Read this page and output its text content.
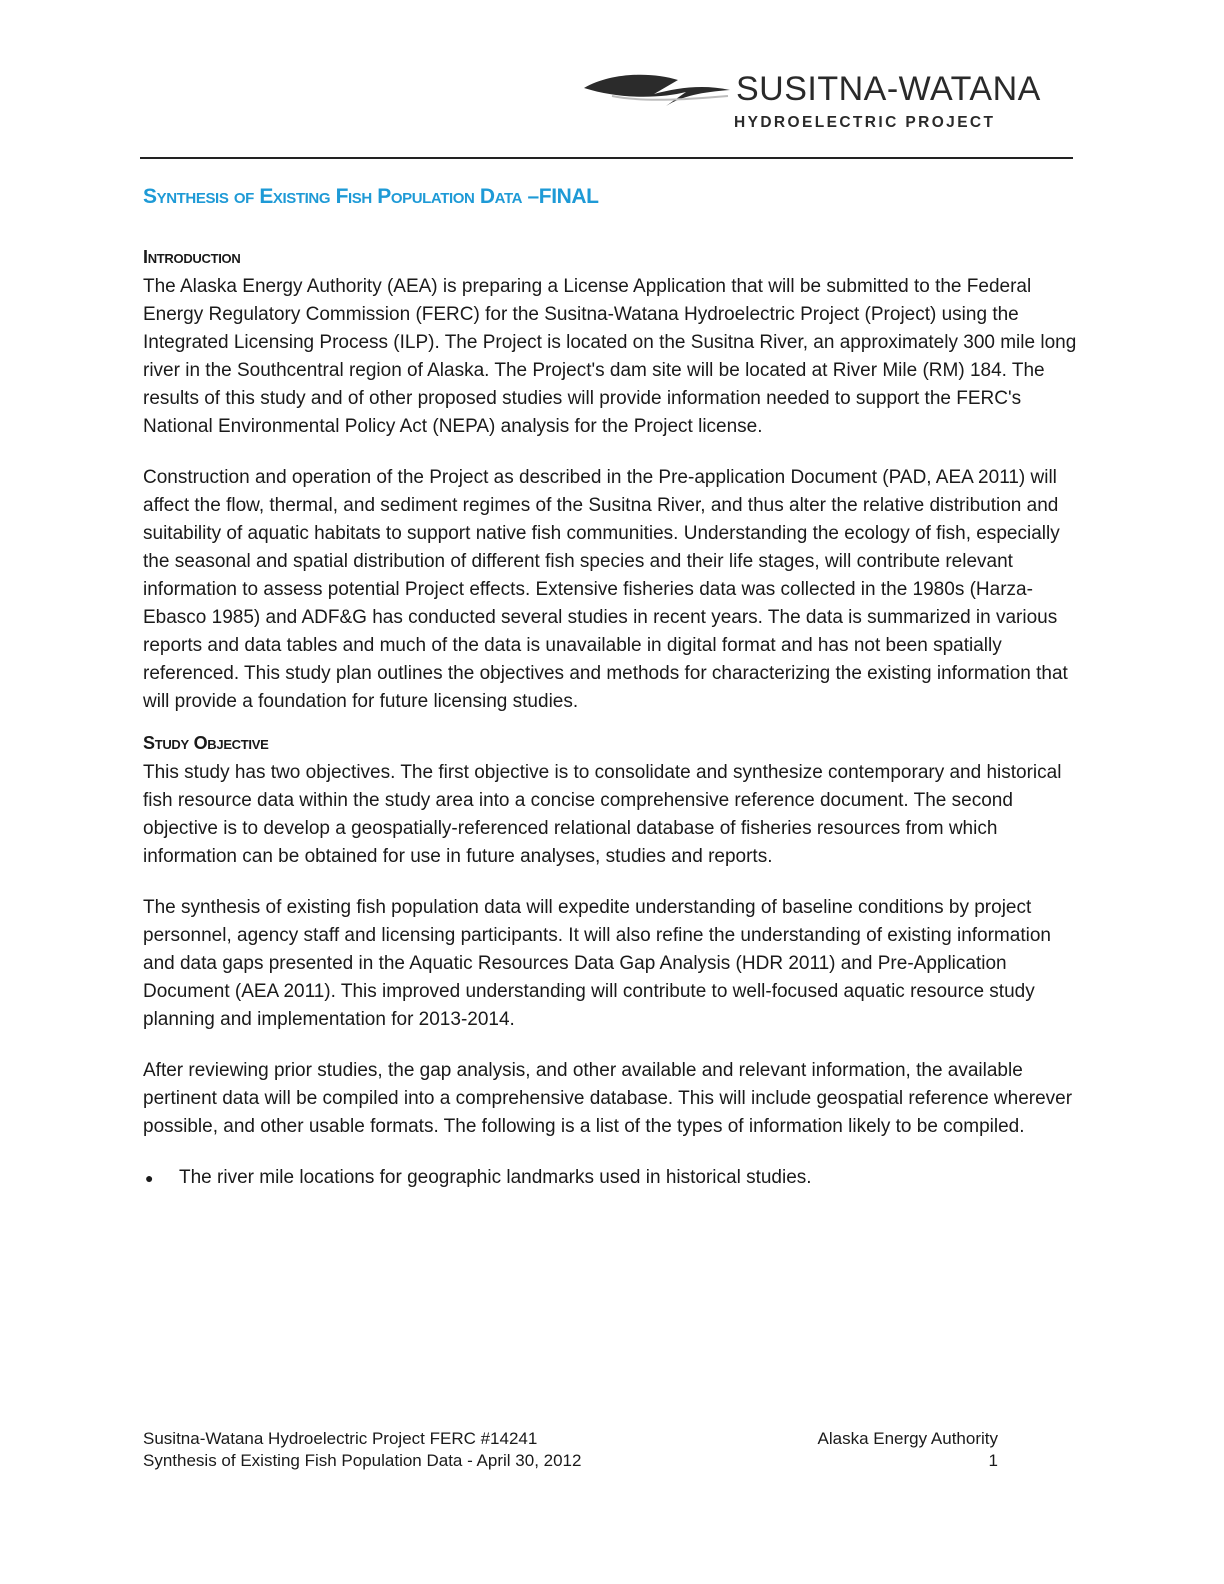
SUSITNA-WATANA
HYDROELECTRIC PROJECT
Synthesis of Existing Fish Population Data –FINAL
Introduction

The Alaska Energy Authority (AEA) is preparing a License Application that will be submitted to the Federal Energy Regulatory Commission (FERC) for the Susitna-Watana Hydroelectric Project (Project) using the Integrated Licensing Process (ILP). The Project is located on the Susitna River, an approximately 300 mile long river in the Southcentral region of Alaska. The Project's dam site will be located at River Mile (RM) 184. The results of this study and of other proposed studies will provide information needed to support the FERC's National Environmental Policy Act (NEPA) analysis for the Project license.

Construction and operation of the Project as described in the Pre-application Document (PAD, AEA 2011) will affect the flow, thermal, and sediment regimes of the Susitna River, and thus alter the relative distribution and suitability of aquatic habitats to support native fish communities. Understanding the ecology of fish, especially the seasonal and spatial distribution of different fish species and their life stages, will contribute relevant information to assess potential Project effects. Extensive fisheries data was collected in the 1980s (Harza-Ebasco 1985) and ADF&G has conducted several studies in recent years. The data is summarized in various reports and data tables and much of the data is unavailable in digital format and has not been spatially referenced. This study plan outlines the objectives and methods for characterizing the existing information that will provide a foundation for future licensing studies.

Study Objective

This study has two objectives. The first objective is to consolidate and synthesize contemporary and historical fish resource data within the study area into a concise comprehensive reference document. The second objective is to develop a geospatially-referenced relational database of fisheries resources from which information can be obtained for use in future analyses, studies and reports.

The synthesis of existing fish population data will expedite understanding of baseline conditions by project personnel, agency staff and licensing participants. It will also refine the understanding of existing information and data gaps presented in the Aquatic Resources Data Gap Analysis (HDR 2011) and Pre-Application Document (AEA 2011). This improved understanding will contribute to well-focused aquatic resource study planning and implementation for 2013-2014.

After reviewing prior studies, the gap analysis, and other available and relevant information, the available pertinent data will be compiled into a comprehensive database. This will include geospatial reference wherever possible, and other usable formats. The following is a list of the types of information likely to be compiled.

● The river mile locations for geographic landmarks used in historical studies.
Susitna-Watana Hydroelectric Project FERC #14241	Alaska Energy Authority
Synthesis of Existing Fish Population Data - April 30, 2012	1
